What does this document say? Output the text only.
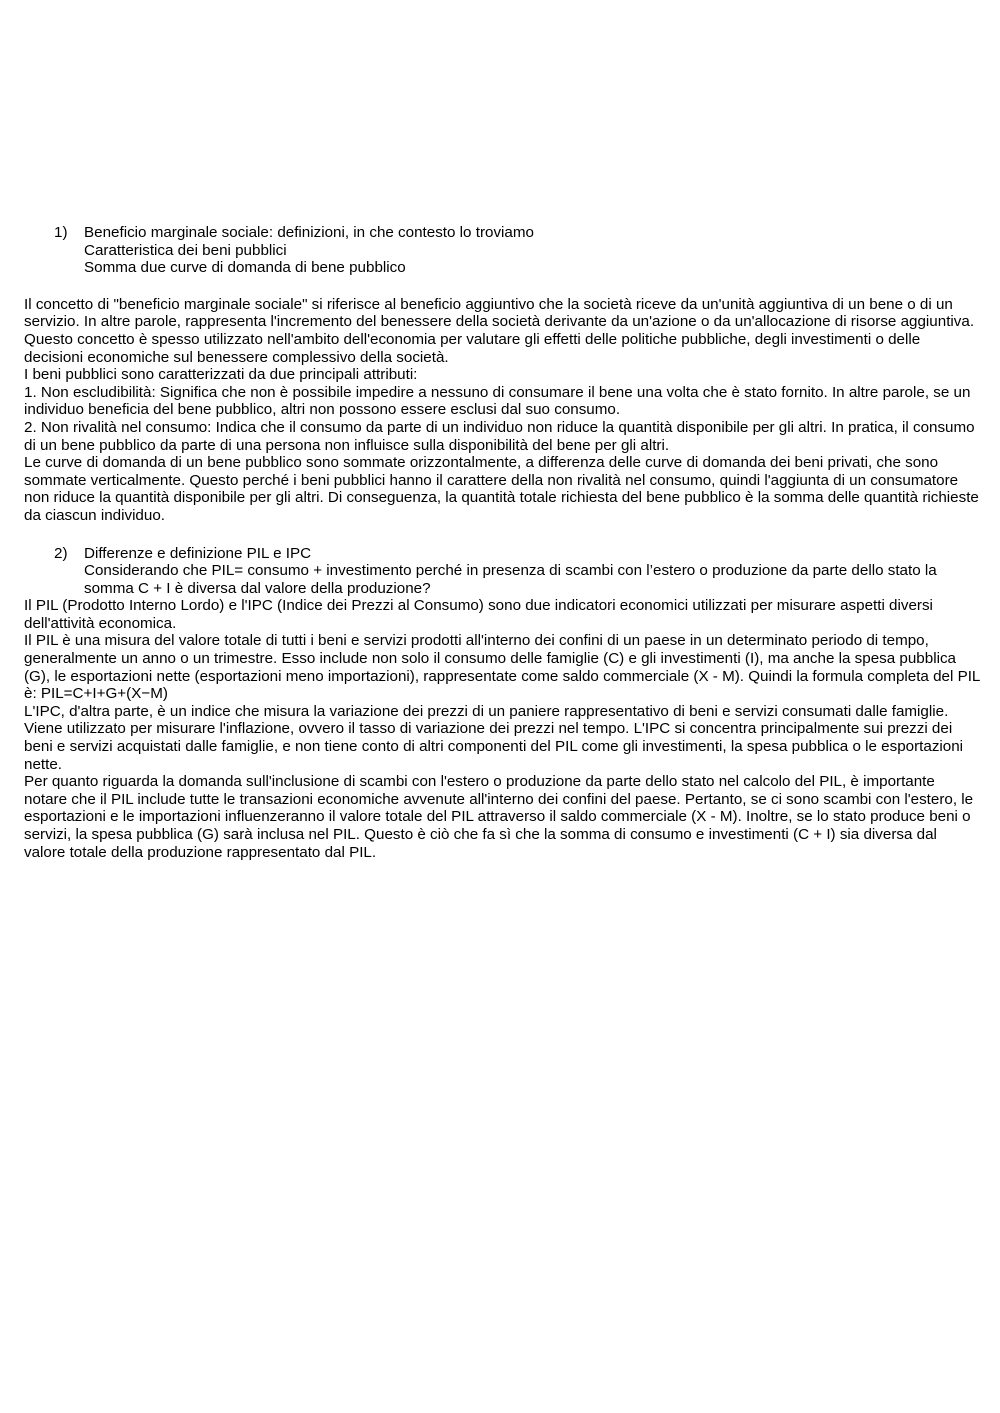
1)	Beneficio marginale sociale: definizioni, in che contesto lo troviamo
Caratteristica dei beni pubblici
Somma due curve di domanda di bene pubblico

Il concetto di "beneficio marginale sociale" si riferisce al beneficio aggiuntivo che la società riceve da un'unità aggiuntiva di un bene o di un servizio. In altre parole, rappresenta l'incremento del benessere della società derivante da un'azione o da un'allocazione di risorse aggiuntiva. Questo concetto è spesso utilizzato nell'ambito dell'economia per valutare gli effetti delle politiche pubbliche, degli investimenti o delle decisioni economiche sul benessere complessivo della società.

I beni pubblici sono caratterizzati da due principali attributi:

1. Non escludibilità: Significa che non è possibile impedire a nessuno di consumare il bene una volta che è stato fornito. In altre parole, se un individuo beneficia del bene pubblico, altri non possono essere esclusi dal suo consumo.

2. Non rivalità nel consumo: Indica che il consumo da parte di un individuo non riduce la quantità disponibile per gli altri. In pratica, il consumo di un bene pubblico da parte di una persona non influisce sulla disponibilità del bene per gli altri.

Le curve di domanda di un bene pubblico sono sommate orizzontalmente, a differenza delle curve di domanda dei beni privati, che sono sommate verticalmente. Questo perché i beni pubblici hanno il carattere della non rivalità nel consumo, quindi l'aggiunta di un consumatore non riduce la quantità disponibile per gli altri. Di conseguenza, la quantità totale richiesta del bene pubblico è la somma delle quantità richieste da ciascun individuo.

2)	Differenze e definizione PIL e IPC
Considerando che PIL= consumo + investimento perché in presenza di scambi con l’estero o produzione da parte dello stato la somma C + I è diversa dal valore della produzione?

Il PIL (Prodotto Interno Lordo) e l'IPC (Indice dei Prezzi al Consumo) sono due indicatori economici utilizzati per misurare aspetti diversi dell'attività economica.

Il PIL è una misura del valore totale di tutti i beni e servizi prodotti all'interno dei confini di un paese in un determinato periodo di tempo, generalmente un anno o un trimestre. Esso include non solo il consumo delle famiglie (C) e gli investimenti (I), ma anche la spesa pubblica (G), le esportazioni nette (esportazioni meno importazioni), rappresentate come saldo commerciale (X - M). Quindi la formula completa del PIL è: PIL=C+I+G+(X−M)

L'IPC, d'altra parte, è un indice che misura la variazione dei prezzi di un paniere rappresentativo di beni e servizi consumati dalle famiglie. Viene utilizzato per misurare l'inflazione, ovvero il tasso di variazione dei prezzi nel tempo. L'IPC si concentra principalmente sui prezzi dei beni e servizi acquistati dalle famiglie, e non tiene conto di altri componenti del PIL come gli investimenti, la spesa pubblica o le esportazioni nette.

Per quanto riguarda la domanda sull'inclusione di scambi con l'estero o produzione da parte dello stato nel calcolo del PIL, è importante notare che il PIL include tutte le transazioni economiche avvenute all'interno dei confini del paese. Pertanto, se ci sono scambi con l'estero, le esportazioni e le importazioni influenzeranno il valore totale del PIL attraverso il saldo commerciale (X - M). Inoltre, se lo stato produce beni o servizi, la spesa pubblica (G) sarà inclusa nel PIL. Questo è ciò che fa sì che la somma di consumo e investimenti (C + I) sia diversa dal valore totale della produzione rappresentato dal PIL.
